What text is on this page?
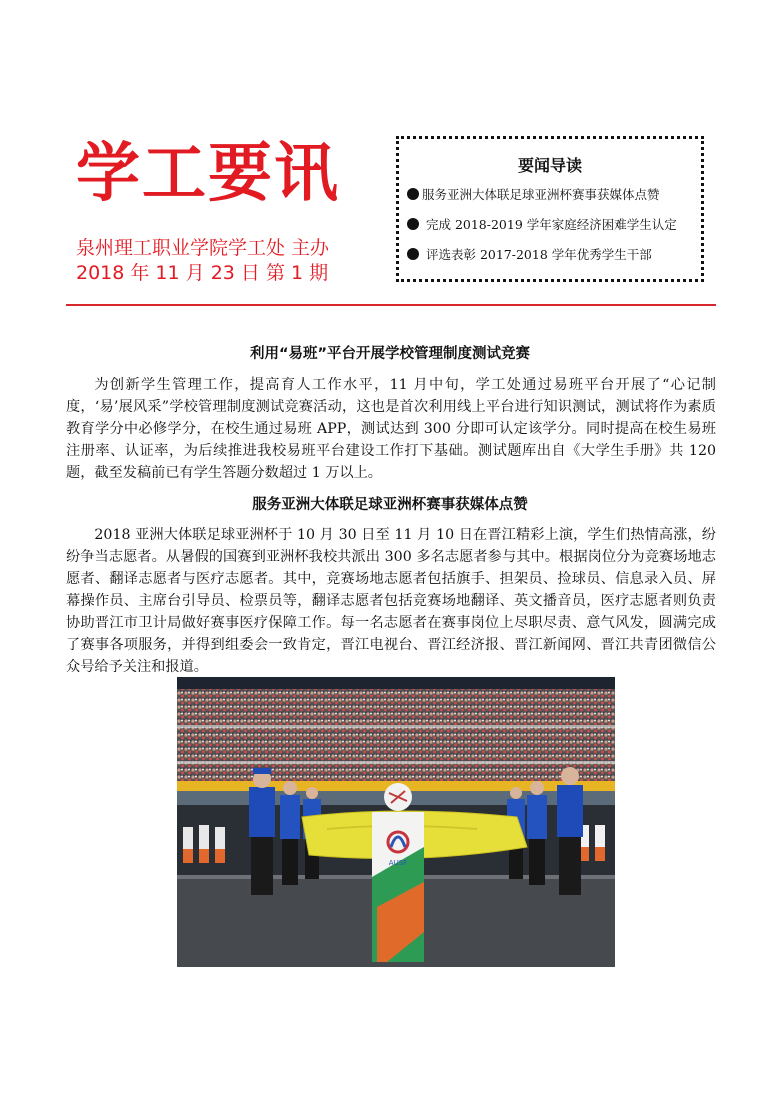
学工要讯
泉州理工职业学院学工处 主办
2018 年 11 月 23 日 第 1 期
要闻导读
服务亚洲大体联足球亚洲杯赛事获媒体点赞
完成 2018-2019 学年家庭经济困难学生认定
评选表彰 2017-2018 学年优秀学生干部
利用“易班”平台开展学校管理制度测试竞赛

为创新学生管理工作，提高育人工作水平，11 月中旬，学工处通过易班平台开展了“心记制度，‘易’展风采”学校管理制度测试竞赛活动，这也是首次利用线上平台进行知识测试，测试将作为素质教育学分中必修学分，在校生通过易班 APP，测试达到 300 分即可认定该学分。同时提高在校生易班注册率、认证率，为后续推进我校易班平台建设工作打下基础。测试题库出自《大学生手册》共 120 题，截至发稿前已有学生答题分数超过 1 万以上。

服务亚洲大体联足球亚洲杯赛事获媒体点赞

2018 亚洲大体联足球亚洲杯于 10 月 30 日至 11 月 10 日在晋江精彩上演，学生们热情高涨，纷纷争当志愿者。从暑假的国赛到亚洲杯我校共派出 300 多名志愿者参与其中。根据岗位分为竞赛场地志愿者、翻译志愿者与医疗志愿者。其中，竞赛场地志愿者包括旗手、担架员、捡球员、信息录入员、屏幕操作员、主席台引导员、检票员等，翻译志愿者包括竞赛场地翻译、英文播音员，医疗志愿者则负责协助晋江市卫计局做好赛事医疗保障工作。每一名志愿者在赛事岗位上尽职尽责、意气风发，圆满完成了赛事各项服务，并得到组委会一致肯定，晋江电视台、晋江经济报、晋江新闻网、晋江共青团微信公众号给予关注和报道。

AUSF
